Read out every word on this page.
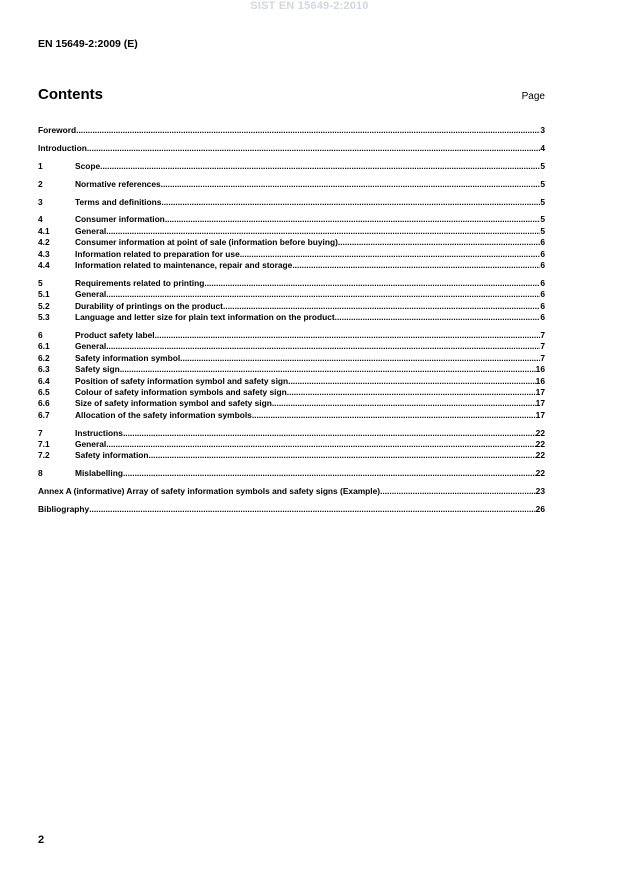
SIST EN 15649-2:2010
EN 15649-2:2009 (E)
Contents	Page
Foreword .....	3
Introduction .....	4
1	Scope .....	5
2	Normative references .....	5
3	Terms and definitions .....	5
4	Consumer information .....	5
4.1	General .....	5
4.2	Consumer information at point of sale (information before buying) .....	6
4.3	Information related to preparation for use .....	6
4.4	Information related to maintenance, repair and storage .....	6
5	Requirements related to printing .....	6
5.1	General .....	6
5.2	Durability of printings on the product .....	6
5.3	Language and letter size for plain text information on the product .....	6
6	Product safety label .....	7
6.1	General .....	7
6.2	Safety information symbol .....	7
6.3	Safety sign .....	16
6.4	Position of safety information symbol and safety sign .....	16
6.5	Colour of safety information symbols and safety sign .....	17
6.6	Size of safety information symbol and safety sign .....	17
6.7	Allocation of the safety information symbols .....	17
7	Instructions .....	22
7.1	General .....	22
7.2	Safety information .....	22
8	Mislabelling .....	22
Annex A (informative) Array of safety information symbols and safety signs (Example) .....	23
Bibliography .....	26
2
